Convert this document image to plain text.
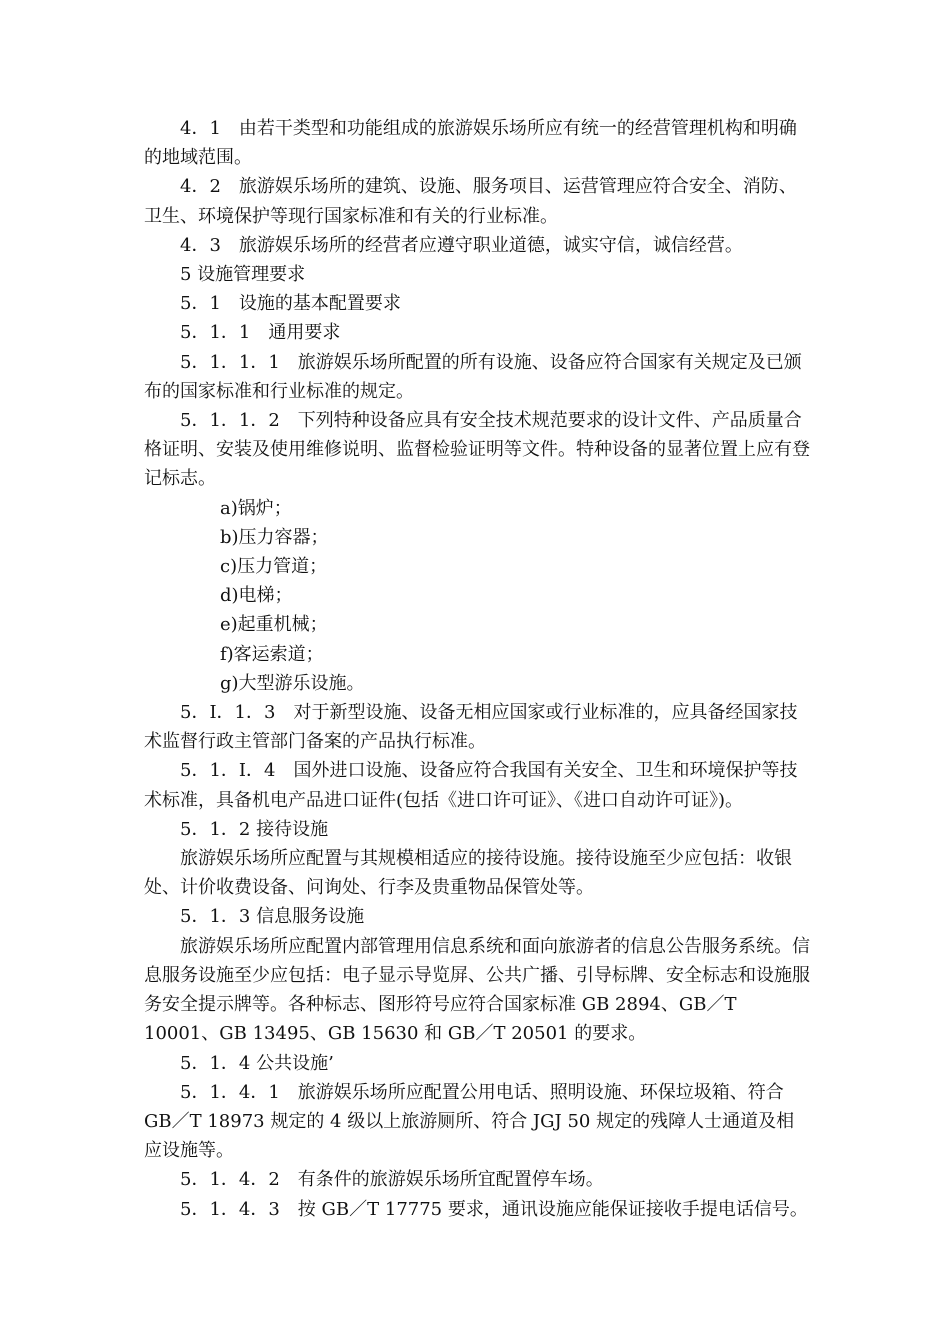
4．1　由若干类型和功能组成的旅游娱乐场所应有统一的经营管理机构和明确的地域范围。

4．2　旅游娱乐场所的建筑、设施、服务项目、运营管理应符合安全、消防、卫生、环境保护等现行国家标准和有关的行业标准。

4．3　旅游娱乐场所的经营者应遵守职业道德，诚实守信，诚信经营。

5 设施管理要求

5．1　设施的基本配置要求

5．1．1　通用要求

5．1．1．1　旅游娱乐场所配置的所有设施、设备应符合国家有关规定及已颁布的国家标准和行业标准的规定。

5．1．1．2　下列特种设备应具有安全技术规范要求的设计文件、产品质量合格证明、安装及使用维修说明、监督检验证明等文件。特种设备的显著位置上应有登记标志。

a)锅炉；

b)压力容器；

c)压力管道；

d)电梯；

e)起重机械；

f)客运索道；

g)大型游乐设施。

5．I．1．3　对于新型设施、设备无相应国家或行业标准的，应具备经国家技术监督行政主管部门备案的产品执行标准。

5．1．I．4　国外进口设施、设备应符合我国有关安全、卫生和环境保护等技术标准，具备机电产品进口证件(包括《进口许可证》、《进口自动许可证》)。

5．1．2 接待设施

旅游娱乐场所应配置与其规模相适应的接待设施。接待设施至少应包括：收银处、计价收费设备、问询处、行李及贵重物品保管处等。

5．1．3 信息服务设施

旅游娱乐场所应配置内部管理用信息系统和面向旅游者的信息公告服务系统。信息服务设施至少应包括：电子显示导览屏、公共广播、引导标牌、安全标志和设施服务安全提示牌等。各种标志、图形符号应符合国家标准 GB 2894、GB／T 10001、GB 13495、GB 15630 和 GB／T 20501 的要求。

5．1．4 公共设施’

5．1．4．1　旅游娱乐场所应配置公用电话、照明设施、环保垃圾箱、符合 GB／T 18973 规定的 4 级以上旅游厕所、符合 JGJ 50 规定的残障人士通道及相应设施等。

5．1．4．2　有条件的旅游娱乐场所宜配置停车场。

5．1．4．3　按 GB／T 17775 要求，通讯设施应能保证接收手提电话信号。
